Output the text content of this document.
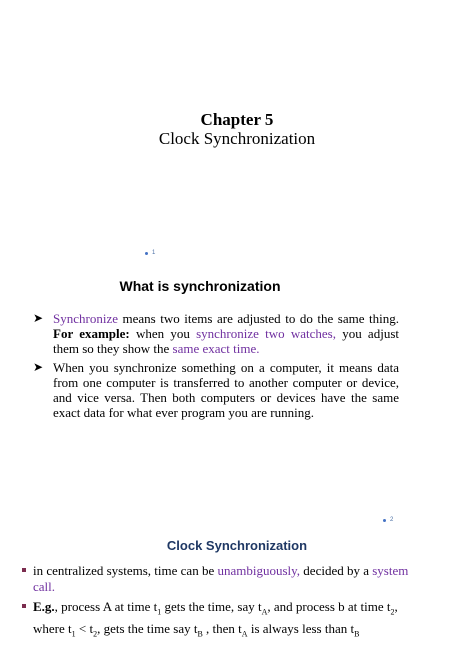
Chapter 5
Clock Synchronization
1
What is synchronization
➤ Synchronize means two items are adjusted to do the same thing. For example: when you synchronize two watches, you adjust them so they show the same exact time.
➤ When you synchronize something on a computer, it means data from one computer is transferred to another computer or device, and vice versa. Then both computers or devices have the same exact data for what ever program you are running.
2
Clock Synchronization
in centralized systems, time can be unambiguously, decided by a system call.
E.g., process A at time $t_1$ gets the time, say $t_A$, and process b at time $t_2$,
where $t_1 < t_2$, gets the time say $t_B$ , then $t_A$ is always less than $t_B$
